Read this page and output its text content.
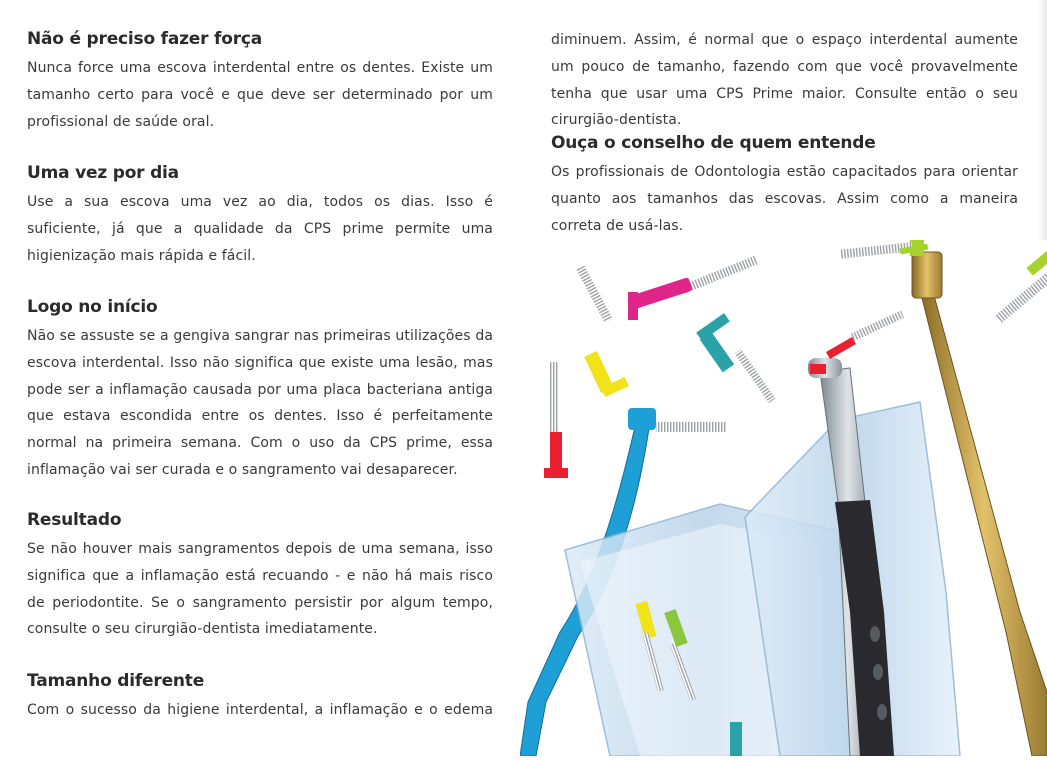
Não é preciso fazer força

Nunca force uma escova interdental entre os dentes. Existe um tamanho certo para você e que deve ser determinado por um profissional de saúde oral.

Uma vez por dia

Use a sua escova uma vez ao dia, todos os dias. Isso é suficiente, já que a qualidade da CPS prime permite uma higienização mais rápida e fácil.

Logo no início

Não se assuste se a gengiva sangrar nas primeiras utilizações da escova interdental. Isso não significa que existe uma lesão, mas pode ser a inflamação causada por uma placa bacteriana antiga que estava escondida entre os dentes. Isso é perfeitamente normal na primeira semana. Com o uso da CPS prime, essa inflamação vai ser curada e o sangramento vai desaparecer.

Resultado

Se não houver mais sangramentos depois de uma semana, isso significa que a inflamação está recuando - e não há mais risco de periodontite. Se o sangramento persistir por algum tempo, consulte o seu cirurgião-dentista imediatamente.

Tamanho diferente

Com o sucesso da higiene interdental, a inflamação e o edema

diminuem. Assim, é normal que o espaço interdental aumente um pouco de tamanho, fazendo com que você provavelmente tenha que usar uma CPS Prime maior. Consulte então o seu cirurgião-dentista.

Ouça o conselho de quem entende

Os profissionais de Odontologia estão capacitados para orientar quanto aos tamanhos das escovas. Assim como a maneira correta de usá-las.
